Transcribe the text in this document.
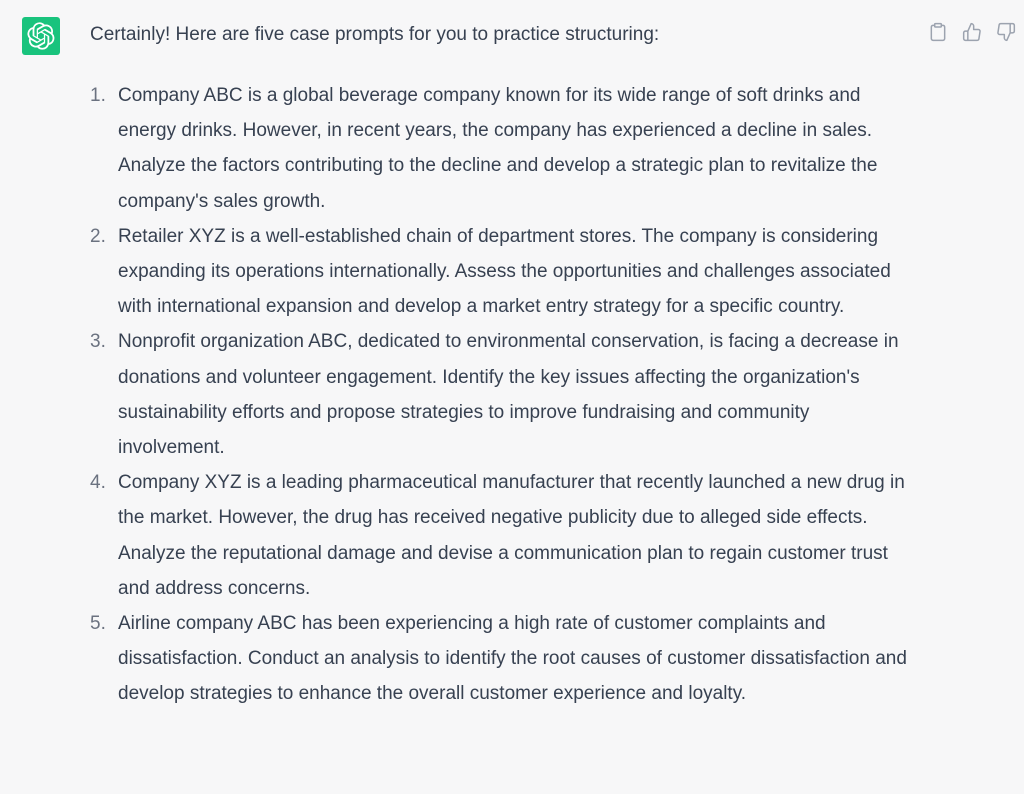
Certainly! Here are five case prompts for you to practice structuring:

1. Company ABC is a global beverage company known for its wide range of soft drinks and energy drinks. However, in recent years, the company has experienced a decline in sales. Analyze the factors contributing to the decline and develop a strategic plan to revitalize the company's sales growth.
2. Retailer XYZ is a well-established chain of department stores. The company is considering expanding its operations internationally. Assess the opportunities and challenges associated with international expansion and develop a market entry strategy for a specific country.
3. Nonprofit organization ABC, dedicated to environmental conservation, is facing a decrease in donations and volunteer engagement. Identify the key issues affecting the organization's sustainability efforts and propose strategies to improve fundraising and community involvement.
4. Company XYZ is a leading pharmaceutical manufacturer that recently launched a new drug in the market. However, the drug has received negative publicity due to alleged side effects. Analyze the reputational damage and devise a communication plan to regain customer trust and address concerns.
5. Airline company ABC has been experiencing a high rate of customer complaints and dissatisfaction. Conduct an analysis to identify the root causes of customer dissatisfaction and develop strategies to enhance the overall customer experience and loyalty.
